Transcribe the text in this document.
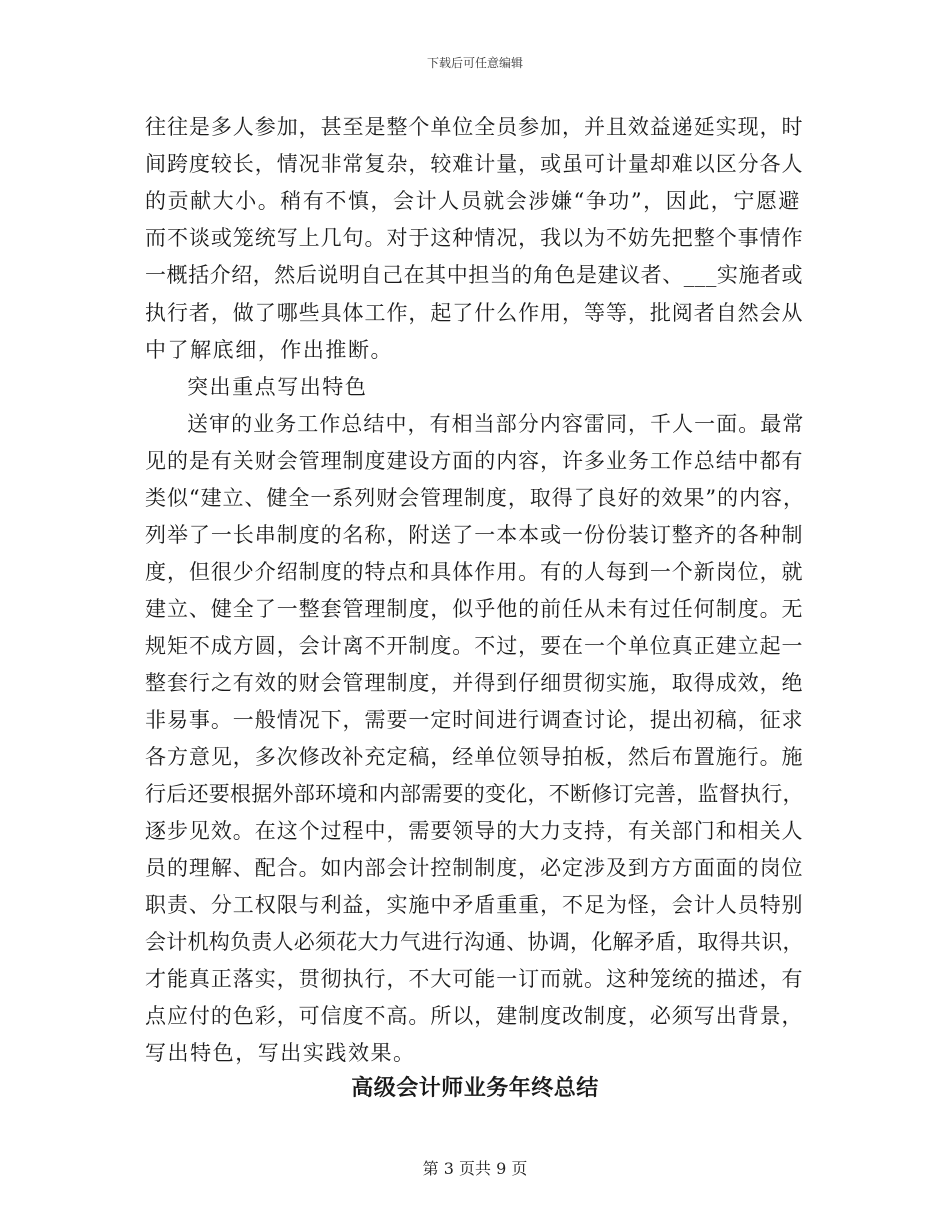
下载后可任意编辑
往往是多人参加，甚至是整个单位全员参加，并且效益递延实现，时
间跨度较长，情况非常复杂，较难计量，或虽可计量却难以区分各人
的贡献大小。稍有不慎，会计人员就会涉嫌“争功”，因此，宁愿避
而不谈或笼统写上几句。对于这种情况，我以为不妨先把整个事情作
一概括介绍，然后说明自己在其中担当的角色是建议者、___实施者或
执行者，做了哪些具体工作，起了什么作用，等等，批阅者自然会从
中了解底细，作出推断。
突出重点写出特色
送审的业务工作总结中，有相当部分内容雷同，千人一面。最常
见的是有关财会管理制度建设方面的内容，许多业务工作总结中都有
类似“建立、健全一系列财会管理制度，取得了良好的效果”的内容，
列举了一长串制度的名称，附送了一本本或一份份装订整齐的各种制
度，但很少介绍制度的特点和具体作用。有的人每到一个新岗位，就
建立、健全了一整套管理制度，似乎他的前任从未有过任何制度。无
规矩不成方圆，会计离不开制度。不过，要在一个单位真正建立起一
整套行之有效的财会管理制度，并得到仔细贯彻实施，取得成效，绝
非易事。一般情况下，需要一定时间进行调查讨论，提出初稿，征求
各方意见，多次修改补充定稿，经单位领导拍板，然后布置施行。施
行后还要根据外部环境和内部需要的变化，不断修订完善，监督执行，
逐步见效。在这个过程中，需要领导的大力支持，有关部门和相关人
员的理解、配合。如内部会计控制制度，必定涉及到方方面面的岗位
职责、分工权限与利益，实施中矛盾重重，不足为怪，会计人员特别
会计机构负责人必须花大力气进行沟通、协调，化解矛盾，取得共识，
才能真正落实，贯彻执行，不大可能一订而就。这种笼统的描述，有
点应付的色彩，可信度不高。所以，建制度改制度，必须写出背景，
写出特色，写出实践效果。
高级会计师业务年终总结
第 3 页共 9 页
